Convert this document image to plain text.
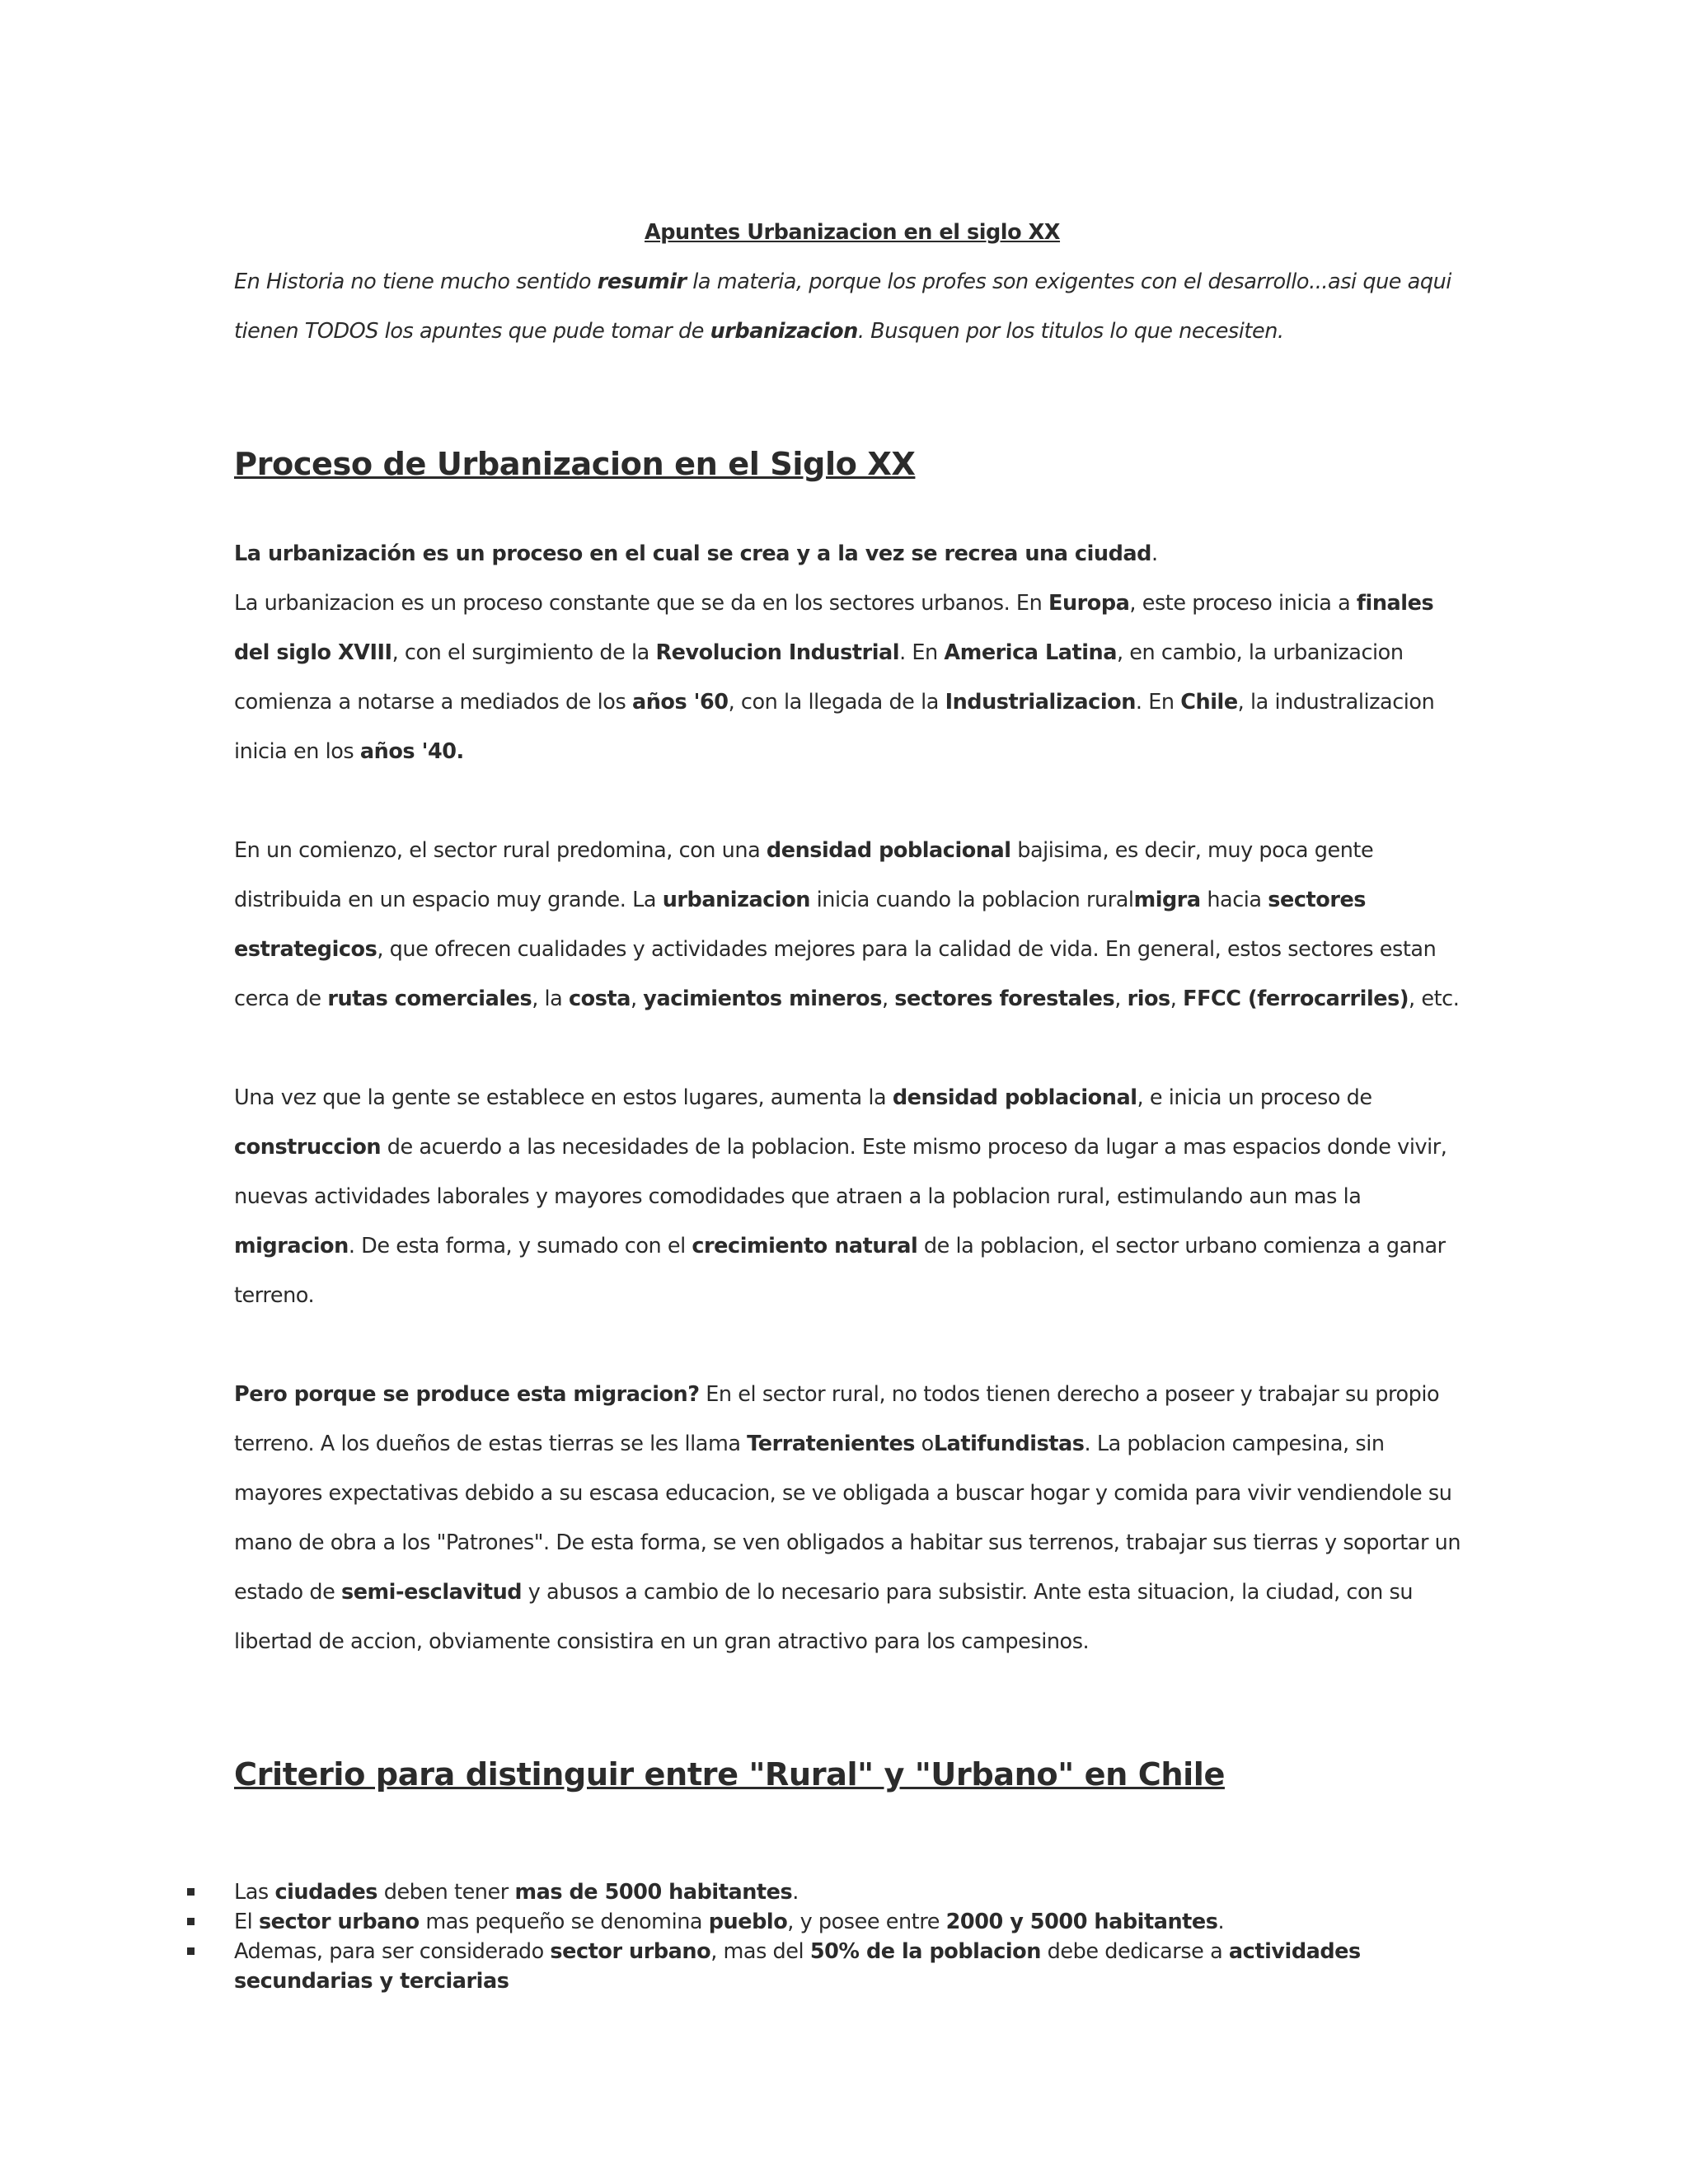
Apuntes Urbanizacion en el siglo XX

En Historia no tiene mucho sentido resumir la materia, porque los profes son exigentes con el desarrollo...asi que aqui tienen TODOS los apuntes que pude tomar de urbanizacion. Busquen por los titulos lo que necesiten.

Proceso de Urbanizacion en el Siglo XX

La urbanización es un proceso en el cual se crea y a la vez se recrea una ciudad.

La urbanizacion es un proceso constante que se da en los sectores urbanos. En Europa, este proceso inicia a finales del siglo XVIII, con el surgimiento de la Revolucion Industrial. En America Latina, en cambio, la urbanizacion comienza a notarse a mediados de los años '60, con la llegada de la Industrializacion. En Chile, la industralizacion inicia en los años '40.

En un comienzo, el sector rural predomina, con una densidad poblacional bajisima, es decir, muy poca gente distribuida en un espacio muy grande. La urbanizacion inicia cuando la poblacion ruralmigra hacia sectores estrategicos, que ofrecen cualidades y actividades mejores para la calidad de vida. En general, estos sectores estan cerca de rutas comerciales, la costa, yacimientos mineros, sectores forestales, rios, FFCC (ferrocarriles), etc.

Una vez que la gente se establece en estos lugares, aumenta la densidad poblacional, e inicia un proceso de construccion de acuerdo a las necesidades de la poblacion. Este mismo proceso da lugar a mas espacios donde vivir, nuevas actividades laborales y mayores comodidades que atraen a la poblacion rural, estimulando aun mas la migracion. De esta forma, y sumado con el crecimiento natural de la poblacion, el sector urbano comienza a ganar terreno.

Pero porque se produce esta migracion? En el sector rural, no todos tienen derecho a poseer y trabajar su propio terreno. A los dueños de estas tierras se les llama Terratenientes oLatifundistas. La poblacion campesina, sin mayores expectativas debido a su escasa educacion, se ve obligada a buscar hogar y comida para vivir vendiendole su mano de obra a los "Patrones". De esta forma, se ven obligados a habitar sus terrenos, trabajar sus tierras y soportar un estado de semi-esclavitud y abusos a cambio de lo necesario para subsistir. Ante esta situacion, la ciudad, con su libertad de accion, obviamente consistira en un gran atractivo para los campesinos.

Criterio para distinguir entre "Rural" y "Urbano" en Chile
Las ciudades deben tener mas de 5000 habitantes.
El sector urbano mas pequeño se denomina pueblo, y posee entre 2000 y 5000 habitantes.
Ademas, para ser considerado sector urbano, mas del 50% de la poblacion debe dedicarse a actividades secundarias y terciarias
